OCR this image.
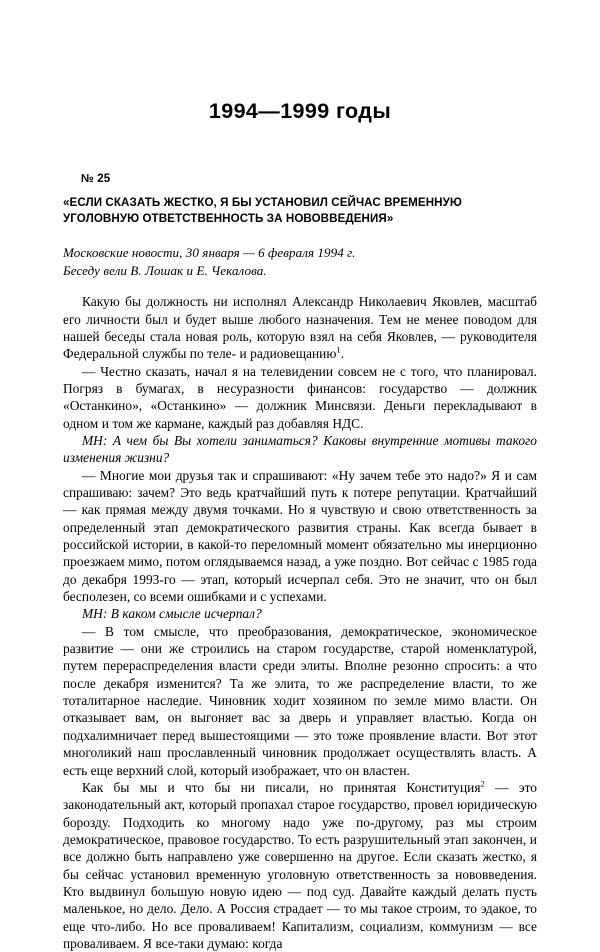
1994—1999 годы
№ 25
«ЕСЛИ СКАЗАТЬ ЖЕСТКО, Я БЫ УСТАНОВИЛ СЕЙЧАС ВРЕМЕННУЮ УГОЛОВНУЮ ОТВЕТСТВЕННОСТЬ ЗА НОВОВВЕДЕНИЯ»
Московские новости, 30 января — 6 февраля 1994 г.
Беседу вели В. Лошак и Е. Чекалова.

Какую бы должность ни исполнял Александр Николаевич Яковлев, масштаб его личности был и будет выше любого назначения. Тем не менее поводом для нашей беседы стала новая роль, которую взял на себя Яковлев, — руководителя Федеральной службы по теле- и радиовещанию$^1$.

— Честно сказать, начал я на телевидении совсем не с того, что планировал. Погряз в бумагах, в несуразности финансов: государство — должник «Останкино», «Останкино» — должник Минсвязи. Деньги перекладывают в одном и том же кармане, каждый раз добавляя НДС.

МН: А чем бы Вы хотели заниматься? Каковы внутренние мотивы такого изменения жизни?

— Многие мои друзья так и спрашивают: «Ну зачем тебе это надо?» Я и сам спрашиваю: зачем? Это ведь кратчайший путь к потере репутации. Кратчайший — как прямая между двумя точками. Но я чувствую и свою ответственность за определенный этап демократического развития страны. Как всегда бывает в российской истории, в какой-то переломный момент обязательно мы инерционно проезжаем мимо, потом оглядываемся назад, а уже поздно. Вот сейчас с 1985 года до декабря 1993-го — этап, который исчерпал себя. Это не значит, что он был бесполезен, со всеми ошибками и с успехами.

МН: В каком смысле исчерпал?

— В том смысле, что преобразования, демократическое, экономическое развитие — они же строились на старом государстве, старой номенклатурой, путем перераспределения власти среди элиты. Вполне резонно спросить: а что после декабря изменится? Та же элита, то же распределение власти, то же тоталитарное наследие. Чиновник ходит хозяином по земле мимо власти. Он отказывает вам, он выгоняет вас за дверь и управляет властью. Когда он подхалимничает перед вышестоящими — это тоже проявление власти. Вот этот многоликий наш прославленный чиновник продолжает осуществлять власть. А есть еще верхний слой, который изображает, что он властен.

Как бы мы и что бы ни писали, но принятая Конституция$^2$ — это законодательный акт, который пропахал старое государство, провел юридическую борозду. Подходить ко многому надо уже по-другому, раз мы строим демократическое, правовое государство. То есть разрушительный этап закончен, и все должно быть направлено уже совершенно на другое. Если сказать жестко, я бы сейчас установил временную уголовную ответственность за нововведения. Кто выдвинул большую новую идею — под суд. Давайте каждый делать пусть маленькое, но дело. Дело. А Россия страдает — то мы такое строим, то эдакое, то еще что-либо. Но все проваливаем! Капитализм, социализм, коммунизм — все проваливаем. Я все-таки думаю: когда
